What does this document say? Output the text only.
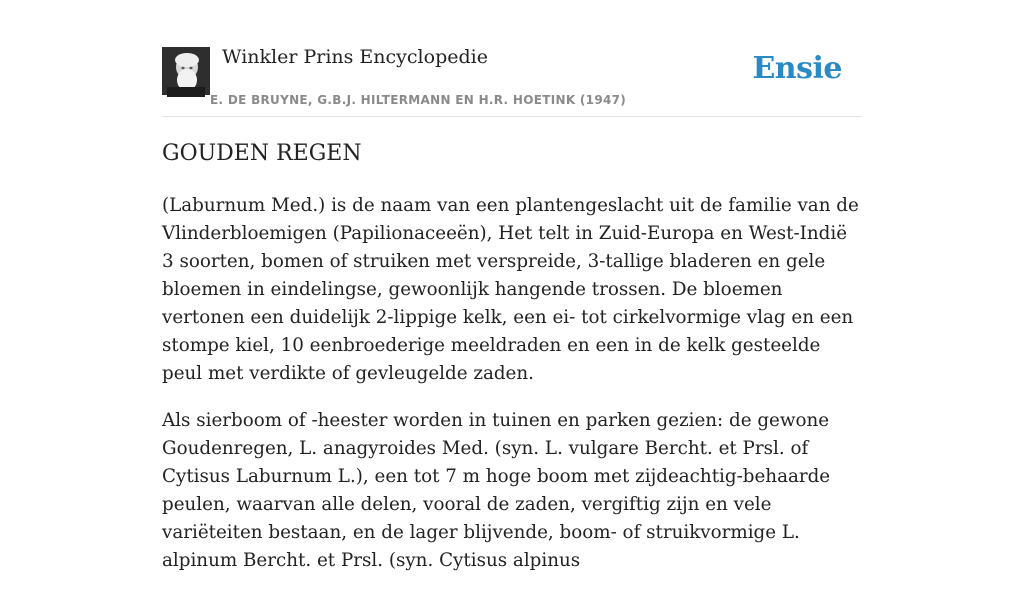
Winkler Prins Encyclopedie	Ensie
E. DE BRUYNE, G.B.J. HILTERMANN EN H.R. HOETINK (1947)
GOUDEN REGEN

(Laburnum Med.) is de naam van een plantengeslacht uit de familie van de Vlinderbloemigen (Papilionaceeën), Het telt in Zuid-Europa en West-Indië 3 soorten, bomen of struiken met verspreide, 3-tallige bladeren en gele bloemen in eindelingse, gewoonlijk hangende trossen. De bloemen vertonen een duidelijk 2-lippige kelk, een ei- tot cirkelvormige vlag en een stompe kiel, 10 eenbroederige meeldraden en een in de kelk gesteelde peul met verdikte of gevleugelde zaden.

Als sierboom of -heester worden in tuinen en parken gezien: de gewone Goudenregen, L. anagyroides Med. (syn. L. vulgare Bercht. et Prsl. of Cytisus Laburnum L.), een tot 7 m hoge boom met zijdeachtig-behaarde peulen, waarvan alle delen, vooral de zaden, vergiftig zijn en vele variëteiten bestaan, en de lager blijvende, boom- of struikvormige L. alpinum Bercht. et Prsl. (syn. Cytisus alpinus
